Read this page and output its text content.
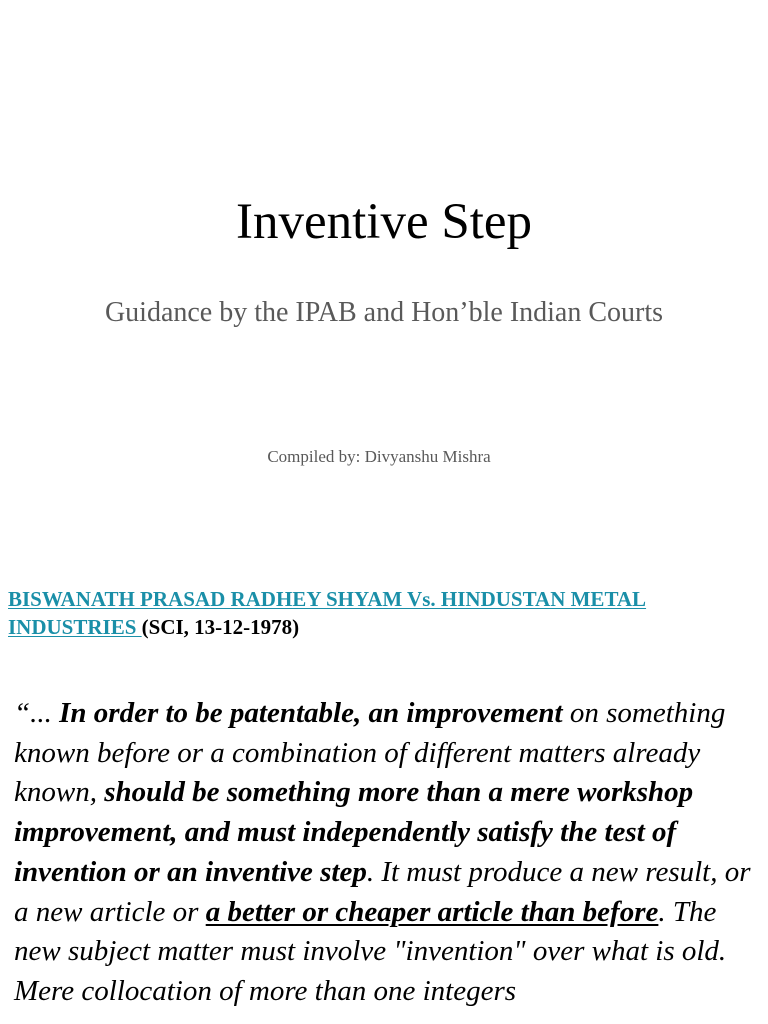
Inventive Step
Guidance by the IPAB and Hon’ble Indian Courts
Compiled by: Divyanshu Mishra
BISWANATH PRASAD RADHEY SHYAM Vs. HINDUSTAN METAL INDUSTRIES (SCI, 13-12-1978)
“... In order to be patentable, an improvement on something known before or a combination of different matters already known, should be something more than a mere workshop improvement, and must independently satisfy the test of invention or an inventive step. It must produce a new result, or a new article or a better or cheaper article than before. The new subject matter must involve "invention" over what is old. Mere collocation of more than one integers
